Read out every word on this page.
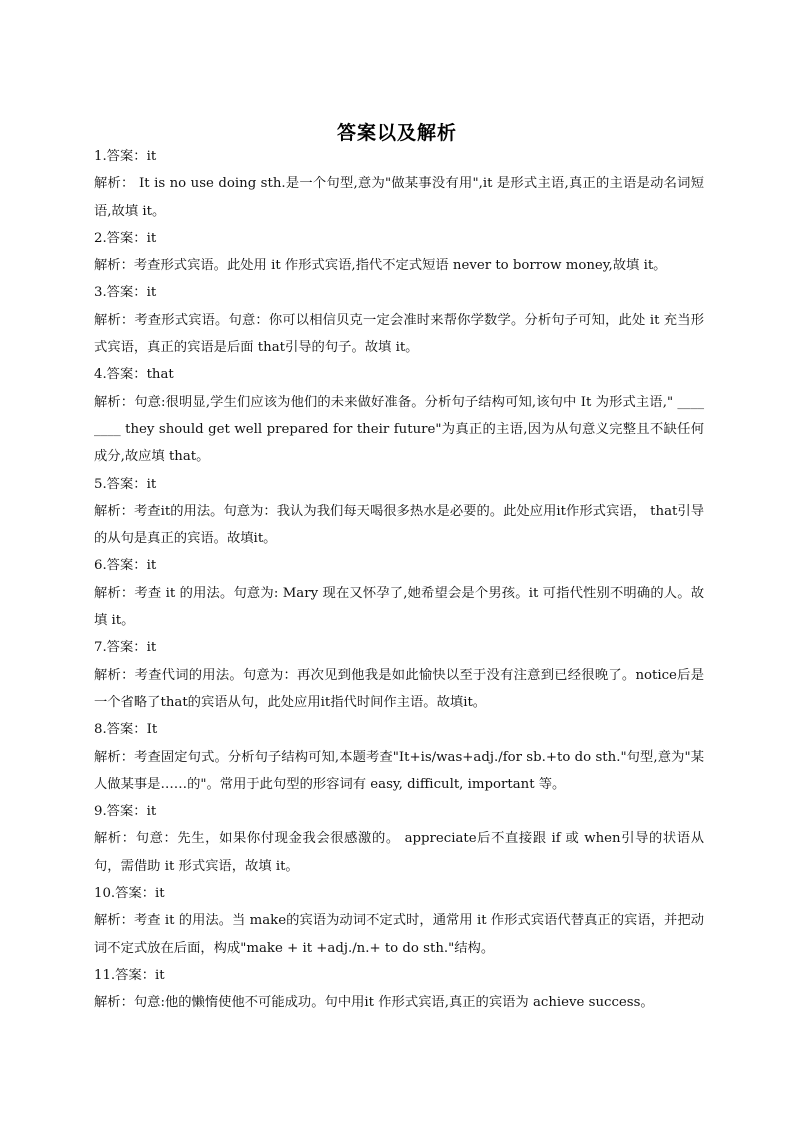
答案以及解析

1.答案：it

解析： It is no use doing sth.是一个句型,意为"做某事没有用",it 是形式主语,真正的主语是动名词短语,故填 it。

2.答案：it

解析：考查形式宾语。此处用 it 作形式宾语,指代不定式短语 never to borrow money,故填 it。

3.答案：it

解析：考查形式宾语。句意：你可以相信贝克一定会准时来帮你学数学。分析句子可知，此处 it 充当形式宾语，真正的宾语是后面 that引导的句子。故填 it。

4.答案：that

解析：句意:很明显,学生们应该为他们的未来做好准备。分析句子结构可知,该句中 It 为形式主语," ________ they should get well prepared for their future"为真正的主语,因为从句意义完整且不缺任何成分,故应填 that。

5.答案：it

解析：考查it的用法。句意为：我认为我们每天喝很多热水是必要的。此处应用it作形式宾语， that引导的从句是真正的宾语。故填it。

6.答案：it

解析：考查 it 的用法。句意为: Mary 现在又怀孕了,她希望会是个男孩。it 可指代性别不明确的人。故填 it。

7.答案：it

解析：考查代词的用法。句意为：再次见到他我是如此愉快以至于没有注意到已经很晚了。notice后是一个省略了that的宾语从句，此处应用it指代时间作主语。故填it。

8.答案：It

解析：考查固定句式。分析句子结构可知,本题考查"It+is/was+adj./for sb.+to do sth."句型,意为"某人做某事是……的"。常用于此句型的形容词有 easy, difficult, important 等。

9.答案：it

解析：句意：先生，如果你付现金我会很感激的。 appreciate后不直接跟 if 或 when引导的状语从句，需借助 it 形式宾语，故填 it。

10.答案：it

解析：考查 it 的用法。当 make的宾语为动词不定式时，通常用 it 作形式宾语代替真正的宾语，并把动词不定式放在后面，构成"make + it +adj./n.+ to do sth."结构。

11.答案：it

解析：句意:他的懒惰使他不可能成功。句中用it 作形式宾语,真正的宾语为 achieve success。
